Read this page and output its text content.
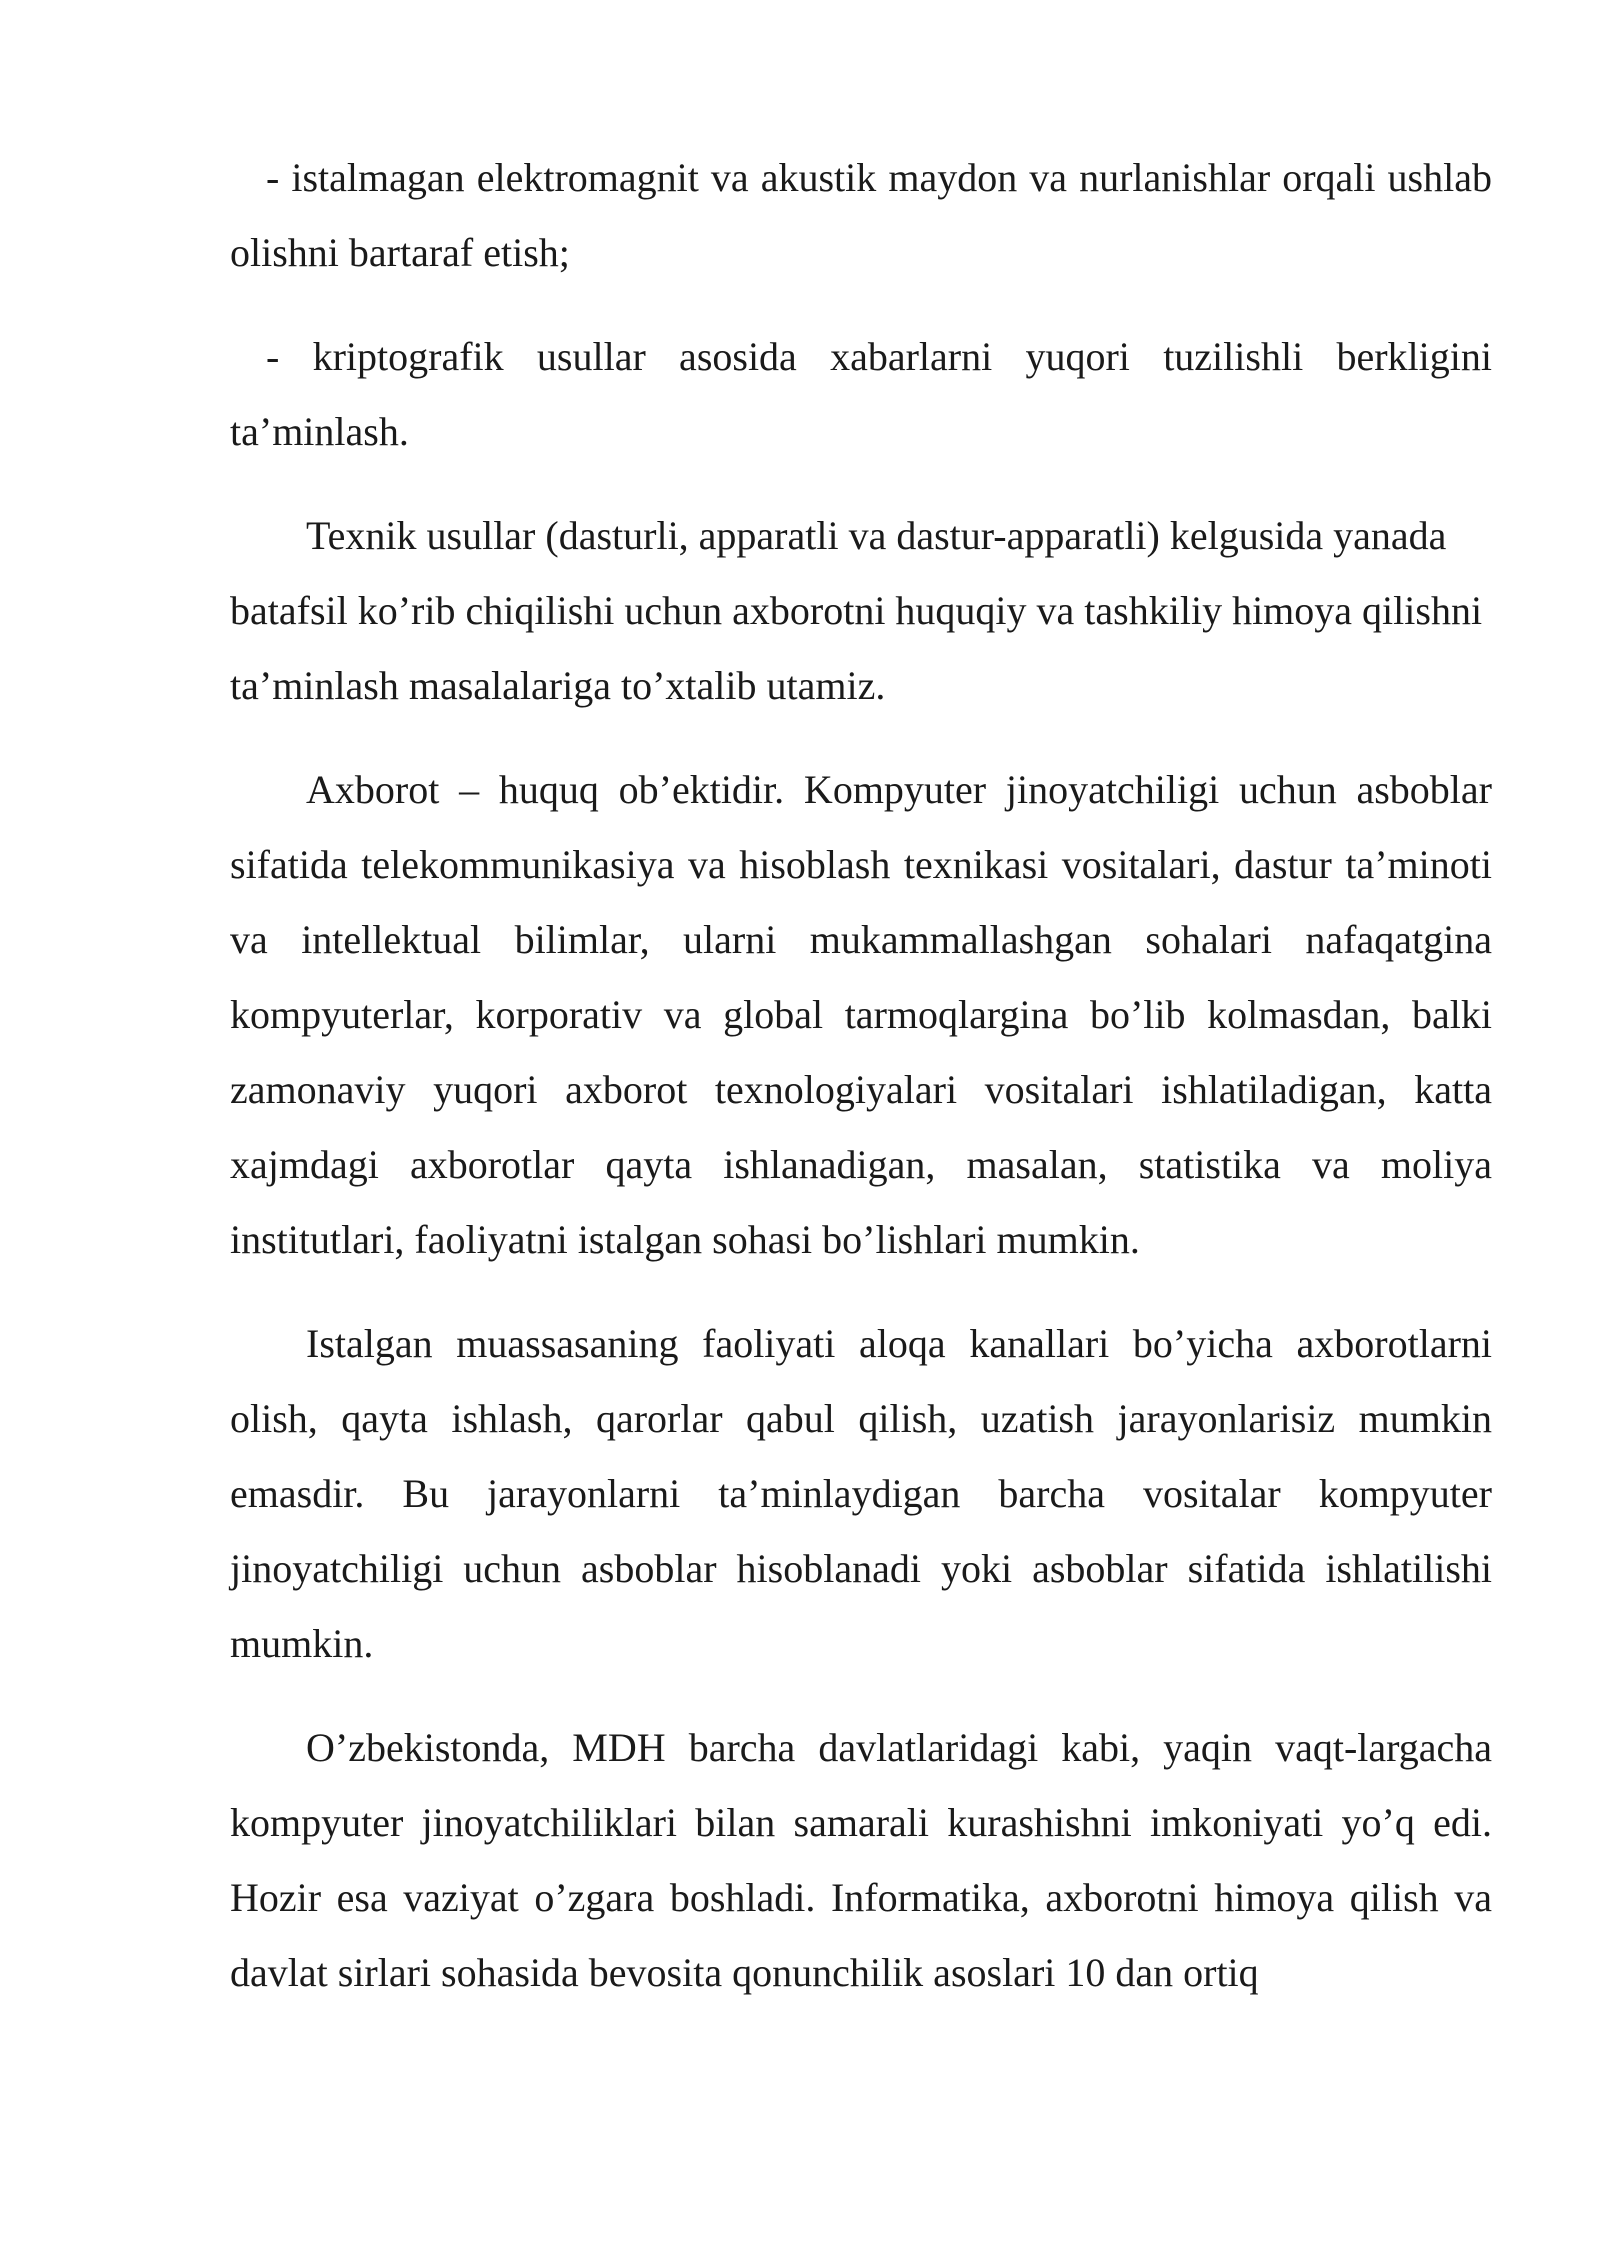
- istalmagan elektromagnit va akustik maydon va nurlanishlar orqali ushlab olishni bartaraf etish;

- kriptografik usullar asosida xabarlarni yuqori tuzilishli berkligini ta’minlash.

Texnik usullar (dasturli, apparatli va dastur-apparatli) kelgusida yanada batafsil ko’rib chiqilishi uchun axborotni huquqiy va tashkiliy himoya qilishni ta’minlash masalalariga to’xtalib utamiz.

Axborot – huquq ob’ektidir. Kompyuter jinoyatchiligi uchun asboblar sifatida telekommunikasiya va hisoblash texnikasi vositalari, dastur ta’minoti va intellektual bilimlar, ularni mukammallashgan sohalari nafaqatgina kompyuterlar, korporativ va global tarmoqlargina bo’lib kolmasdan, balki zamonaviy yuqori axborot texnologiyalari vositalari ishlatiladigan, katta xajmdagi axborotlar qayta ishlanadigan, masalan, statistika va moliya institutlari, faoliyatni istalgan sohasi bo’lishlari mumkin.

Istalgan muassasaning faoliyati aloqa kanallari bo’yicha axborotlarni olish, qayta ishlash, qarorlar qabul qilish, uzatish jarayonlarisiz mumkin emasdir. Bu jarayonlarni ta’minlaydigan barcha vositalar kompyuter jinoyatchiligi uchun asboblar hisoblanadi yoki asboblar sifatida ishlatilishi mumkin.

O’zbekistonda, MDH barcha davlatlaridagi kabi, yaqin vaqt-largacha kompyuter jinoyatchiliklari bilan samarali kurashishni imkoniyati yo’q edi. Hozir esa vaziyat o’zgara boshladi. Informatika, axborotni himoya qilish va davlat sirlari sohasida bevosita qonunchilik asoslari 10 dan ortiq
